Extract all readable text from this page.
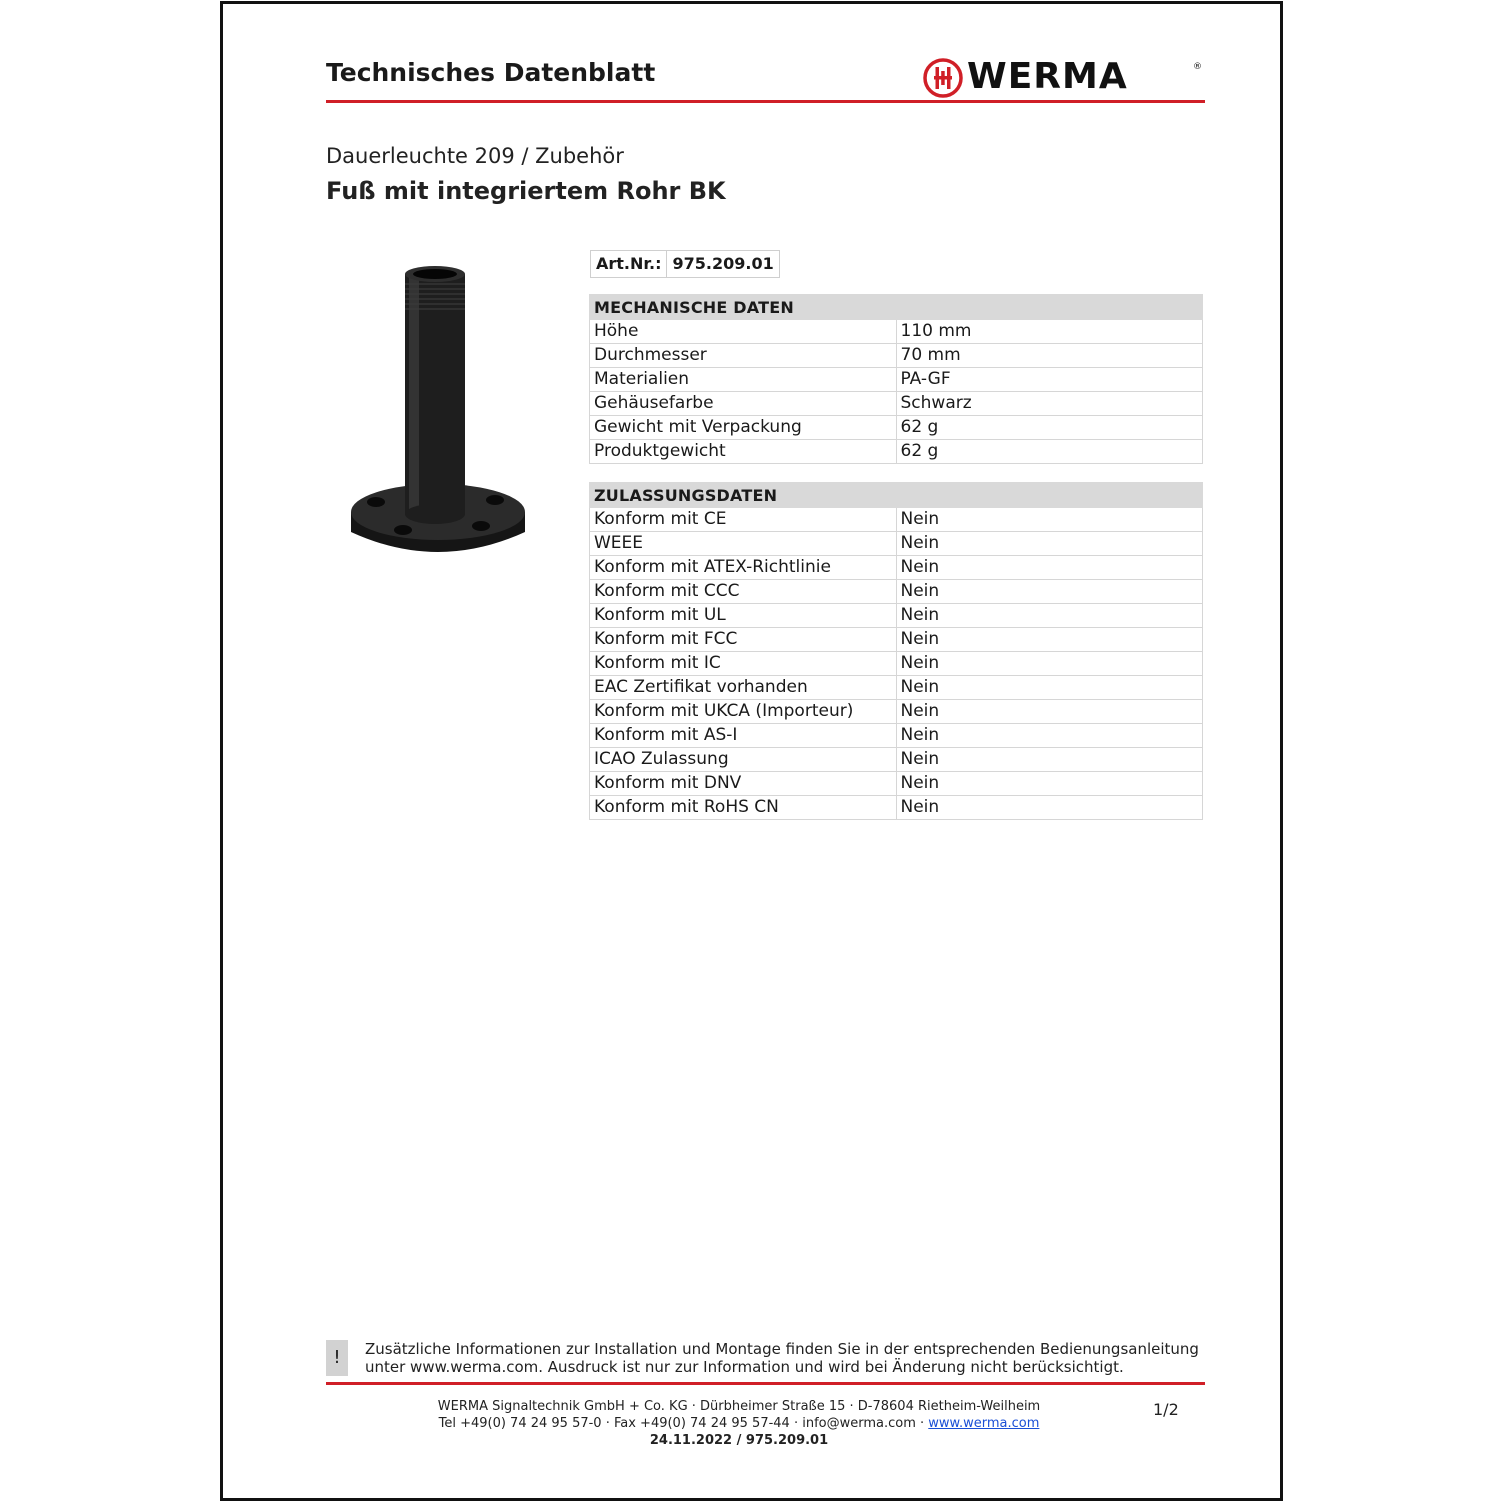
Technisches Datenblatt	WERMA	®
Dauerleuchte 209 / Zubehör
Fuß mit integriertem Rohr BK
Art.Nr.: 975.209.01
MECHANISCHE DATEN	
Höhe	110 mm
Durchmesser	70 mm
Materialien	PA-GF
Gehäusefarbe	Schwarz
Gewicht mit Verpackung	62 g
Produktgewicht	62 g
ZULASSUNGSDATEN	
Konform mit CE	Nein
WEEE	Nein
Konform mit ATEX-Richtlinie	Nein
Konform mit CCC	Nein
Konform mit UL	Nein
Konform mit FCC	Nein
Konform mit IC	Nein
EAC Zertifikat vorhanden	Nein
Konform mit UKCA (Importeur)	Nein
Konform mit AS-I	Nein
ICAO Zulassung	Nein
Konform mit DNV	Nein
Konform mit RoHS CN	Nein
!	Zusätzliche Informationen zur Installation und Montage finden Sie in der entsprechenden Bedienungsanleitung unter www.werma.com. Ausdruck ist nur zur Information und wird bei Änderung nicht berücksichtigt.
WERMA Signaltechnik GmbH + Co. KG · Dürbheimer Straße 15 · D-78604 Rietheim-Weilheim
Tel +49(0) 74 24 95 57-0 · Fax +49(0) 74 24 95 57-44 · info@werma.com · www.werma.com
24.11.2022 / 975.209.01
1/2
